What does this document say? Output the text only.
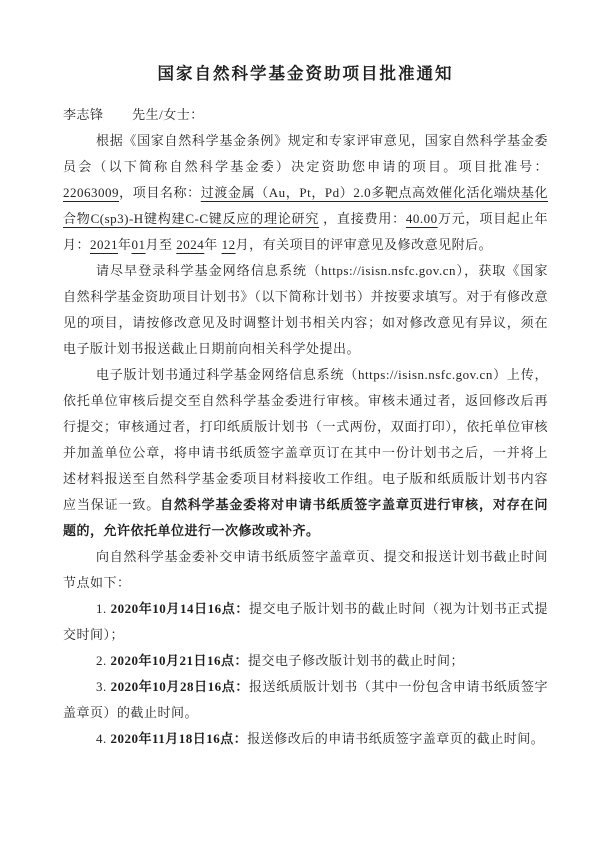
国家自然科学基金资助项目批准通知

李志锋 先生/女士：

根据《国家自然科学基金条例》规定和专家评审意见，国家自然科学基金委员会（以下简称自然科学基金委）决定资助您申请的项目。项目批准号：22063009，项目名称：过渡金属（Au，Pt，Pd）2.0多靶点高效催化活化端炔基化合物C(sp3)-H键构建C-C键反应的理论研究 ，直接费用：40.00万元，项目起止年月：2021年01月至 2024年 12月，有关项目的评审意见及修改意见附后。

请尽早登录科学基金网络信息系统（https://isisn.nsfc.gov.cn），获取《国家自然科学基金资助项目计划书》（以下简称计划书）并按要求填写。对于有修改意见的项目，请按修改意见及时调整计划书相关内容；如对修改意见有异议，须在电子版计划书报送截止日期前向相关科学处提出。

电子版计划书通过科学基金网络信息系统（https://isisn.nsfc.gov.cn）上传，依托单位审核后提交至自然科学基金委进行审核。审核未通过者，返回修改后再行提交；审核通过者，打印纸质版计划书（一式两份，双面打印），依托单位审核并加盖单位公章，将申请书纸质签字盖章页订在其中一份计划书之后，一并将上述材料报送至自然科学基金委项目材料接收工作组。电子版和纸质版计划书内容应当保证一致。自然科学基金委将对申请书纸质签字盖章页进行审核，对存在问题的，允许依托单位进行一次修改或补齐。

向自然科学基金委补交申请书纸质签字盖章页、提交和报送计划书截止时间节点如下：

1. 2020年10月14日16点：提交电子版计划书的截止时间（视为计划书正式提交时间）；

2. 2020年10月21日16点：提交电子修改版计划书的截止时间；

3. 2020年10月28日16点：报送纸质版计划书（其中一份包含申请书纸质签字盖章页）的截止时间。

4. 2020年11月18日16点：报送修改后的申请书纸质签字盖章页的截止时间。
